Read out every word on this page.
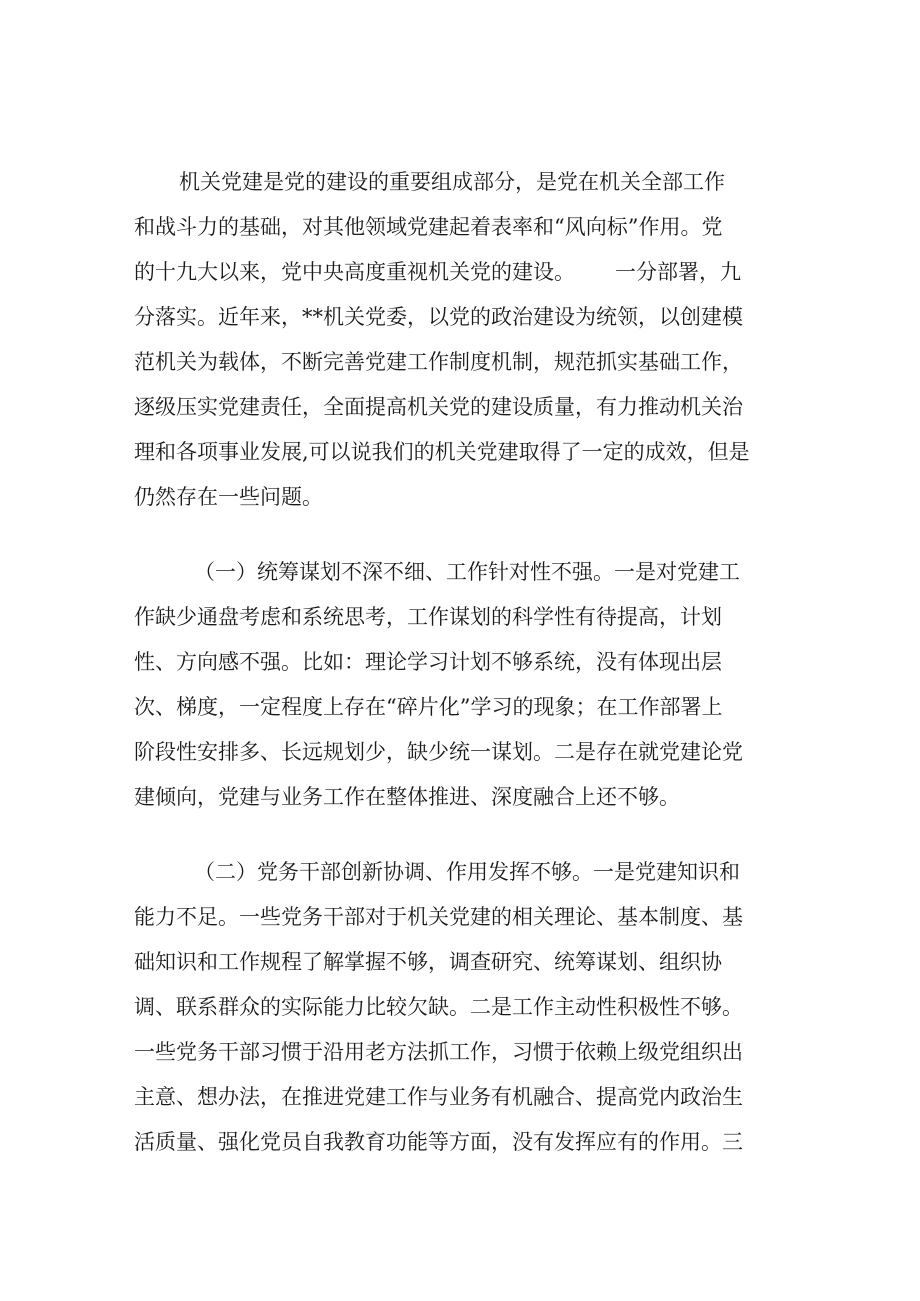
机关党建是党的建设的重要组成部分，是党在机关全部工作
和战斗力的基础，对其他领域党建起着表率和“风向标”作用。党
的十九大以来，党中央高度重视机关党的建设。      一分部署，九
分落实。近年来，**机关党委，以党的政治建设为统领，以创建模
范机关为载体，不断完善党建工作制度机制，规范抓实基础工作，
逐级压实党建责任，全面提高机关党的建设质量，有力推动机关治
理和各项事业发展,可以说我们的机关党建取得了一定的成效，但是
仍然存在一些问题。
（一）统筹谋划不深不细、工作针对性不强。一是对党建工
作缺少通盘考虑和系统思考，工作谋划的科学性有待提高，计划
性、方向感不强。比如：理论学习计划不够系统，没有体现出层
次、梯度，一定程度上存在“碎片化”学习的现象；在工作部署上
阶段性安排多、长远规划少，缺少统一谋划。二是存在就党建论党
建倾向，党建与业务工作在整体推进、深度融合上还不够。
（二）党务干部创新协调、作用发挥不够。一是党建知识和
能力不足。一些党务干部对于机关党建的相关理论、基本制度、基
础知识和工作规程了解掌握不够，调查研究、统筹谋划、组织协
调、联系群众的实际能力比较欠缺。二是工作主动性积极性不够。
一些党务干部习惯于沿用老方法抓工作，习惯于依赖上级党组织出
主意、想办法，在推进党建工作与业务有机融合、提高党内政治生
活质量、强化党员自我教育功能等方面，没有发挥应有的作用。三
